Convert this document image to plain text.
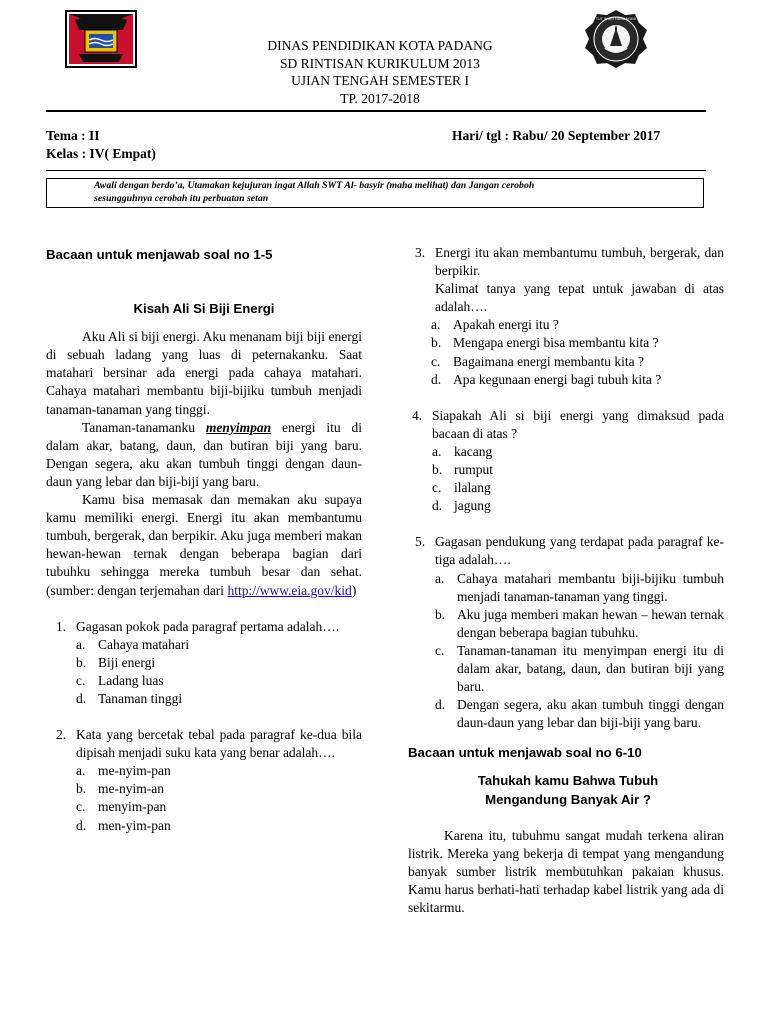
TUT WURI HANDAYANI
DINAS PENDIDIKAN KOTA PADANG
SD RINTISAN KURIKULUM 2013
UJIAN TENGAH SEMESTER I
TP. 2017-2018
Tema : II
Kelas : IV( Empat)
Hari/ tgl : Rabu/ 20 September 2017
Awali dengan berdo’a, Utamakan kejujuran ingat Allah SWT Al- basyir (maha melihat) dan Jangan ceroboh
sesungguhnya cerobah itu perbuatan setan
Bacaan untuk menjawab soal no 1-5
Kisah Ali Si Biji Energi

Aku Ali si biji energi. Aku menanam biji biji energi di sebuah ladang yang luas di peternakanku. Saat matahari bersinar ada energi pada cahaya matahari. Cahaya matahari membantu biji-bijiku tumbuh menjadi tanaman-tanaman yang tinggi.

Tanaman-tanamanku menyimpan energi itu di dalam akar, batang, daun, dan butiran biji yang baru. Dengan segera, aku akan tumbuh tinggi dengan daun-daun yang lebar dan biji-biji yang baru.

Kamu bisa memasak dan memakan aku supaya kamu memiliki energi. Energi itu akan membantumu tumbuh, bergerak, dan berpikir. Aku juga memberi makan hewan-hewan ternak dengan beberapa bagian dari tubuhku sehingga mereka tumbuh besar dan sehat. (sumber: dengan terjemahan dari http://www.eia.gov/kid)

1. Gagasan pokok pada paragraf pertama adalah….
a. Cahaya matahari
b. Biji energi
c. Ladang luas
d. Tanaman tinggi
2. Kata yang bercetak tebal pada paragraf ke-dua bila dipisah menjadi suku kata yang benar adalah….
a. me-nyim-pan
b. me-nyim-an
c. menyim-pan
d. men-yim-pan
3. Energi itu akan membantumu tumbuh, bergerak, dan berpikir.
Kalimat tanya yang tepat untuk jawaban di atas adalah….
a. Apakah energi itu ?
b. Mengapa energi bisa membantu kita ?
c. Bagaimana energi membantu kita ?
d. Apa kegunaan energi bagi tubuh kita ?
4. Siapakah Ali si biji energi yang dimaksud pada bacaan di atas ?
a. kacang
b. rumput
c. ilalang
d. jagung
5. Gagasan pendukung yang terdapat pada paragraf ke-tiga adalah….
a. Cahaya matahari membantu biji-bijiku tumbuh menjadi tanaman-tanaman yang tinggi.
b. Aku juga memberi makan hewan – hewan ternak dengan beberapa bagian tubuhku.
c. Tanaman-tanaman itu menyimpan energi itu di dalam akar, batang, daun, dan butiran biji yang baru.
d. Dengan segera, aku akan tumbuh tinggi dengan daun-daun yang lebar dan biji-biji yang baru.
Bacaan untuk menjawab soal no 6-10
Tahukah kamu Bahwa Tubuh
Mengandung Banyak Air ?

Karena itu, tubuhmu sangat mudah terkena aliran listrik. Mereka yang bekerja di tempat yang mengandung banyak sumber listrik membutuhkan pakaian khusus. Kamu harus berhati-hati terhadap kabel listrik yang ada di sekitarmu.
